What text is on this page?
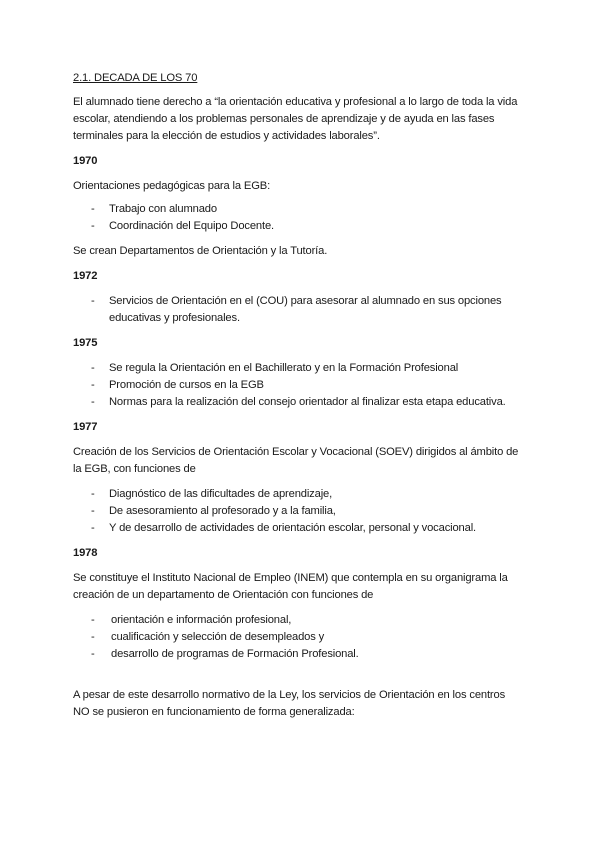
2.1. DECADA DE LOS 70
El alumnado tiene derecho a “la orientación educativa y profesional a lo largo de toda la vida escolar, atendiendo a los problemas personales de aprendizaje y de ayuda en las fases terminales para la elección de estudios y actividades laborales”.
1970
Orientaciones pedagógicas para la EGB:
- Trabajo con alumnado
- Coordinación del Equipo Docente.
Se crean Departamentos de Orientación y la Tutoría.
1972
- Servicios de Orientación en el (COU) para asesorar al alumnado en sus opciones educativas y profesionales.
1975
- Se regula la Orientación en el Bachillerato y en la Formación Profesional
- Promoción de cursos en la EGB
- Normas para la realización del consejo orientador al finalizar esta etapa educativa.
1977
Creación de los Servicios de Orientación Escolar y Vocacional (SOEV) dirigidos al ámbito de la EGB, con funciones de
- Diagnóstico de las dificultades de aprendizaje,
- De asesoramiento al profesorado y a la familia,
- Y de desarrollo de actividades de orientación escolar, personal y vocacional.
1978
Se constituye el Instituto Nacional de Empleo (INEM) que contempla en su organigrama la creación de un departamento de Orientación con funciones de
- orientación e información profesional,
- cualificación y selección de desempleados y
- desarrollo de programas de Formación Profesional.
A pesar de este desarrollo normativo de la Ley, los servicios de Orientación en los centros NO se pusieron en funcionamiento de forma generalizada:
